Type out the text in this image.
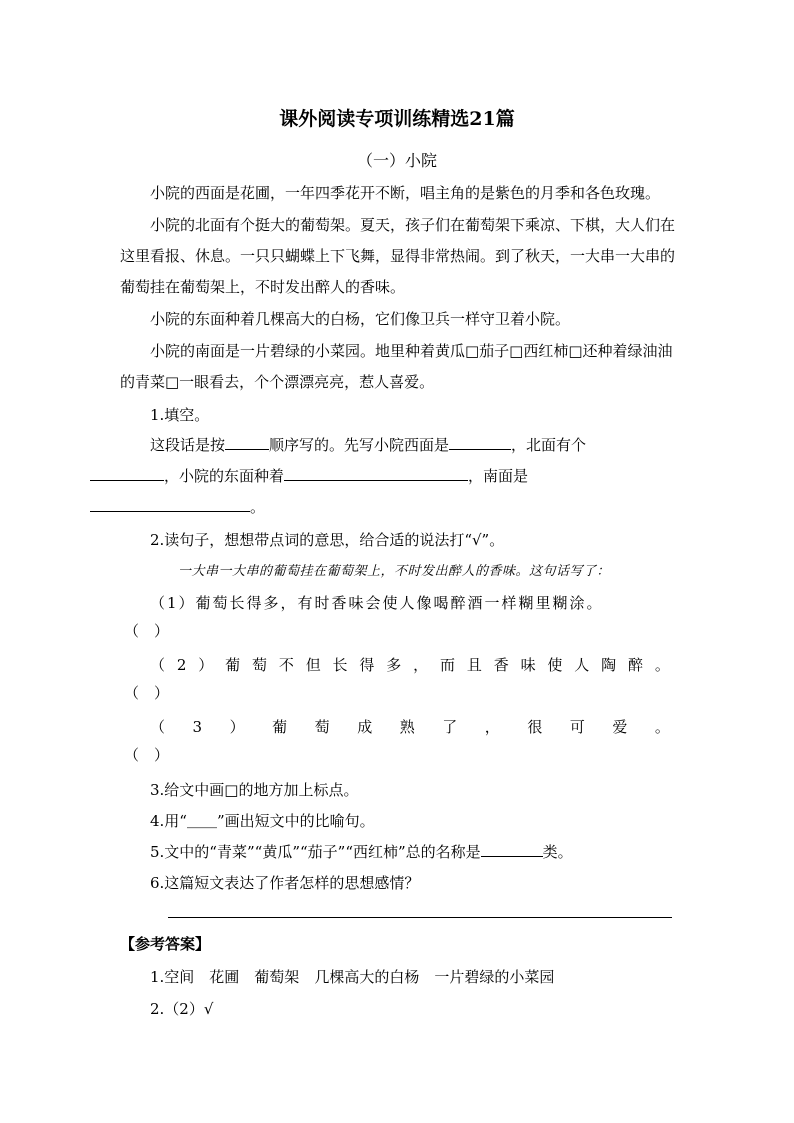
课外阅读专项训练精选21篇
（一）小院
小院的西面是花圃，一年四季花开不断，唱主角的是紫色的月季和各色玫瑰。
小院的北面有个挺大的葡萄架。夏天，孩子们在葡萄架下乘凉、下棋，大人们在这里看报、休息。一只只蝴蝶上下飞舞，显得非常热闹。到了秋天，一大串一大串的葡萄挂在葡萄架上，不时发出醉人的香味。
小院的东面种着几棵高大的白杨，它们像卫兵一样守卫着小院。
小院的南面是一片碧绿的小菜园。地里种着黄瓜□茄子□西红柿□还种着绿油油的青菜□一眼看去，个个漂漂亮亮，惹人喜爱。
1.填空。
这段话是按	顺序写的。先写小院西面是	，北面有个
，小院的东面种着	，南面是
。
2.读句子，想想带点词的意思，给合适的说法打“√”。
一大串一大串的葡萄挂在葡萄架上，不时发出醉人的香味。这句话写了：
（1）葡萄长得多，有时香味会使人像喝醉酒一样糊里糊涂。
（　）
（ 2 ） 葡 萄 不 但 长 得 多 ， 而 且 香 味 使 人 陶 醉 。
（　）
（ 3 ） 葡 萄 成 熟 了 ， 很 可 爱 。
（　）
3.给文中画□的地方加上标点。
4.用“＿＿”画出短文中的比喻句。
5.文中的“青菜”“黄瓜”“茄子”“西红柿”总的名称是	类。
6.这篇短文表达了作者怎样的思想感情？
【参考答案】
1.空间　花圃　葡萄架　几棵高大的白杨　一片碧绿的小菜园
2.（2）√
